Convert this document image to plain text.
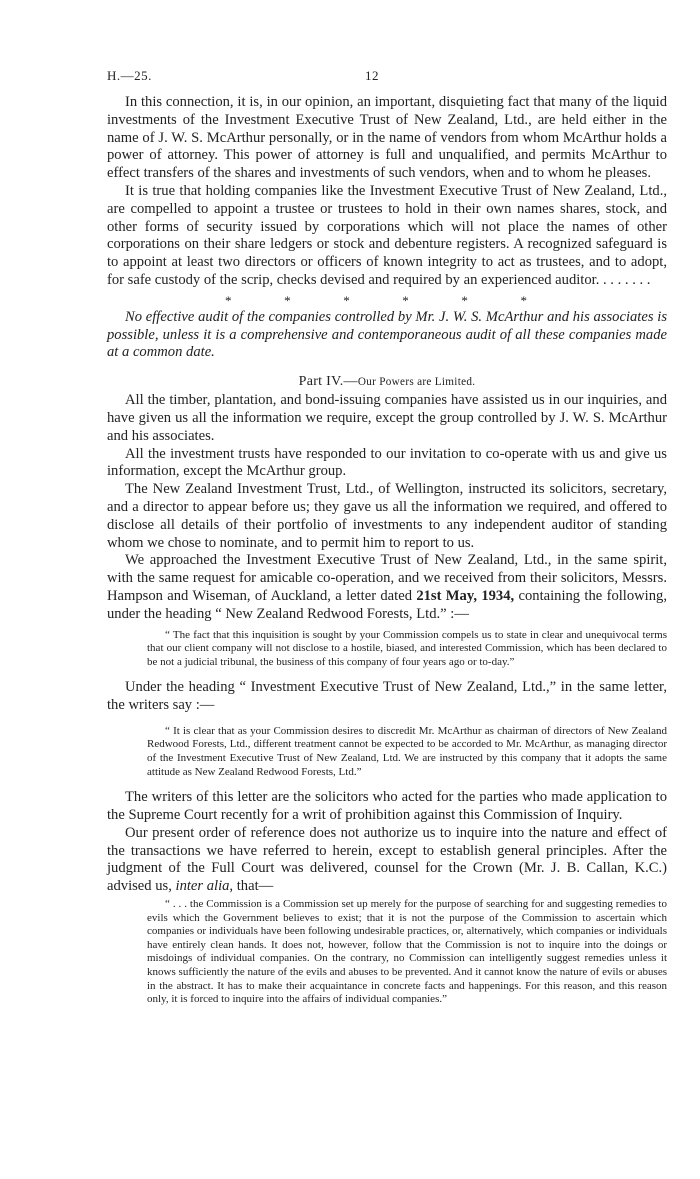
H.—25.	12

In this connection, it is, in our opinion, an important, disquieting fact that many of the liquid investments of the Investment Executive Trust of New Zealand, Ltd., are held either in the name of J. W. S. McArthur personally, or in the name of vendors from whom McArthur holds a power of attorney. This power of attorney is full and unqualified, and permits McArthur to effect transfers of the shares and investments of such vendors, when and to whom he pleases.

It is true that holding companies like the Investment Executive Trust of New Zealand, Ltd., are compelled to appoint a trustee or trustees to hold in their own names shares, stock, and other forms of security issued by corporations which will not place the names of other corporations on their share ledgers or stock and debenture registers. A recognized safeguard is to appoint at least two directors or officers of known integrity to act as trustees, and to adopt, for safe custody of the scrip, checks devised and required by an experienced auditor. . . . . . . .

*	*	*	*	*	*

No effective audit of the companies controlled by Mr. J. W. S. McArthur and his associates is possible, unless it is a comprehensive and contemporaneous audit of all these companies made at a common date.

Part IV.—Our Powers are Limited.

All the timber, plantation, and bond-issuing companies have assisted us in our inquiries, and have given us all the information we require, except the group controlled by J. W. S. McArthur and his associates.

All the investment trusts have responded to our invitation to co-operate with us and give us information, except the McArthur group.

The New Zealand Investment Trust, Ltd., of Wellington, instructed its solicitors, secretary, and a director to appear before us; they gave us all the information we required, and offered to disclose all details of their portfolio of investments to any independent auditor of standing whom we chose to nominate, and to permit him to report to us.

We approached the Investment Executive Trust of New Zealand, Ltd., in the same spirit, with the same request for amicable co-operation, and we received from their solicitors, Messrs. Hampson and Wiseman, of Auckland, a letter dated 21st May, 1934, containing the following, under the heading “ New Zealand Redwood Forests, Ltd.” :—

“ The fact that this inquisition is sought by your Commission compels us to state in clear and unequivocal terms that our client company will not disclose to a hostile, biased, and interested Commission, which has been declared to be not a judicial tribunal, the business of this company of four years ago or to-day.”

Under the heading “ Investment Executive Trust of New Zealand, Ltd.,” in the same letter, the writers say :—

“ It is clear that as your Commission desires to discredit Mr. McArthur as chairman of directors of New Zealand Redwood Forests, Ltd., different treatment cannot be expected to be accorded to Mr. McArthur, as managing director of the Investment Executive Trust of New Zealand, Ltd. We are instructed by this company that it adopts the same attitude as New Zealand Redwood Forests, Ltd.”

The writers of this letter are the solicitors who acted for the parties who made application to the Supreme Court recently for a writ of prohibition against this Commission of Inquiry.

Our present order of reference does not authorize us to inquire into the nature and effect of the transactions we have referred to herein, except to establish general principles. After the judgment of the Full Court was delivered, counsel for the Crown (Mr. J. B. Callan, K.C.) advised us, inter alia, that—

“ . . . the Commission is a Commission set up merely for the purpose of searching for and suggesting remedies to evils which the Government believes to exist; that it is not the purpose of the Commission to ascertain which companies or individuals have been following undesirable practices, or, alternatively, which companies or individuals have entirely clean hands. It does not, however, follow that the Commission is not to inquire into the doings or misdoings of individual companies. On the contrary, no Commission can intelligently suggest remedies unless it knows sufficiently the nature of the evils and abuses to be prevented. And it cannot know the nature of evils or abuses in the abstract. It has to make their acquaintance in concrete facts and happenings. For this reason, and this reason only, it is forced to inquire into the affairs of individual companies.”
